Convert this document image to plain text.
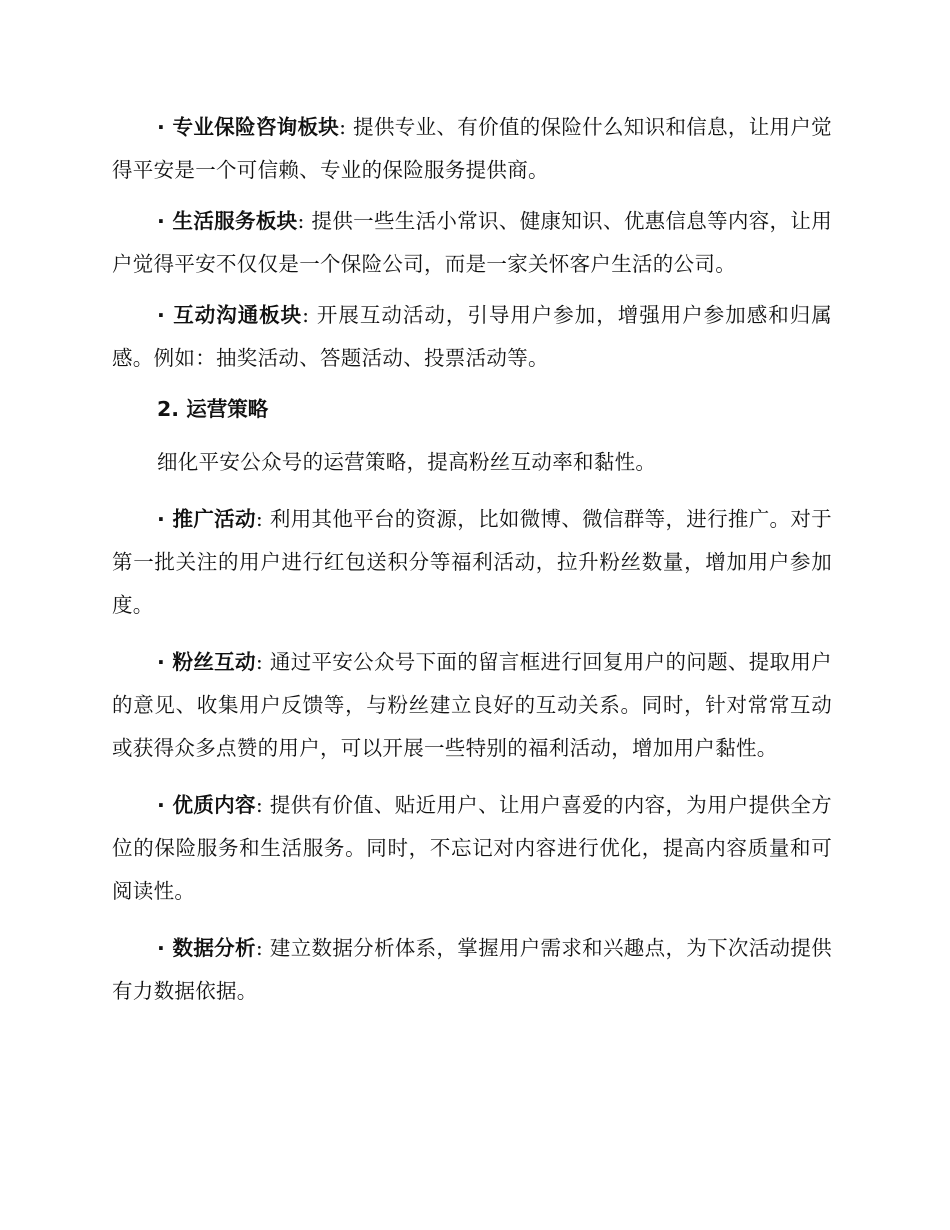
· 专业保险咨询板块: 提供专业、有价值的保险什么知识和信息，让用户觉得平安是一个可信赖、专业的保险服务提供商。

· 生活服务板块: 提供一些生活小常识、健康知识、优惠信息等内容，让用户觉得平安不仅仅是一个保险公司，而是一家关怀客户生活的公司。

· 互动沟通板块: 开展互动活动，引导用户参加，增强用户参加感和归属感。例如：抽奖活动、答题活动、投票活动等。

2. 运营策略

细化平安公众号的运营策略，提高粉丝互动率和黏性。

· 推广活动: 利用其他平台的资源，比如微博、微信群等，进行推广。对于第一批关注的用户进行红包送积分等福利活动，拉升粉丝数量，增加用户参加度。

· 粉丝互动: 通过平安公众号下面的留言框进行回复用户的问题、提取用户的意见、收集用户反馈等，与粉丝建立良好的互动关系。同时，针对常常互动或获得众多点赞的用户，可以开展一些特别的福利活动，增加用户黏性。

· 优质内容: 提供有价值、贴近用户、让用户喜爱的内容，为用户提供全方位的保险服务和生活服务。同时，不忘记对内容进行优化，提高内容质量和可阅读性。

· 数据分析: 建立数据分析体系，掌握用户需求和兴趣点，为下次活动提供有力数据依据。
